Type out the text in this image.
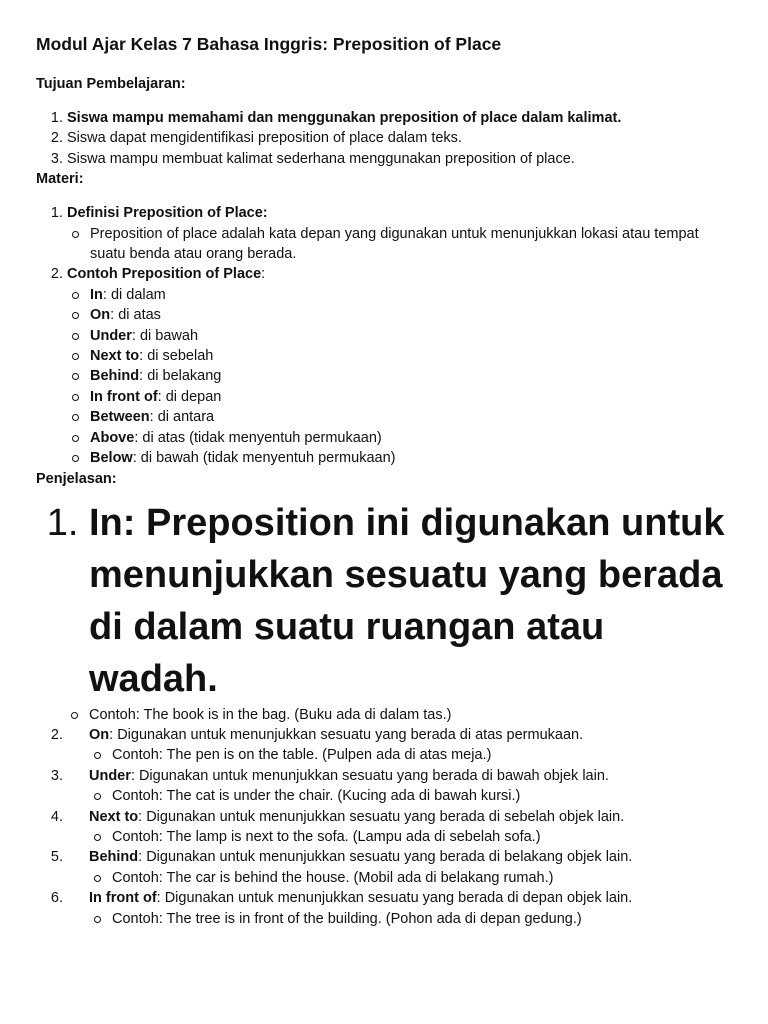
Modul Ajar Kelas 7 Bahasa Inggris: Preposition of Place
Tujuan Pembelajaran:
1. Siswa mampu memahami dan menggunakan preposition of place dalam kalimat.
2. Siswa dapat mengidentifikasi preposition of place dalam teks.
3. Siswa mampu membuat kalimat sederhana menggunakan preposition of place.
Materi:
1. Definisi Preposition of Place:
Preposition of place adalah kata depan yang digunakan untuk menunjukkan lokasi atau tempat suatu benda atau orang berada.
2. Contoh Preposition of Place:
In: di dalam
On: di atas
Under: di bawah
Next to: di sebelah
Behind: di belakang
In front of: di depan
Between: di antara
Above: di atas (tidak menyentuh permukaan)
Below: di bawah (tidak menyentuh permukaan)
Penjelasan:
1. In: Preposition ini digunakan untuk menunjukkan sesuatu yang berada di dalam suatu ruangan atau wadah.
Contoh: The book is in the bag. (Buku ada di dalam tas.)
2. On: Digunakan untuk menunjukkan sesuatu yang berada di atas permukaan.
Contoh: The pen is on the table. (Pulpen ada di atas meja.)
3. Under: Digunakan untuk menunjukkan sesuatu yang berada di bawah objek lain.
Contoh: The cat is under the chair. (Kucing ada di bawah kursi.)
4. Next to: Digunakan untuk menunjukkan sesuatu yang berada di sebelah objek lain.
Contoh: The lamp is next to the sofa. (Lampu ada di sebelah sofa.)
5. Behind: Digunakan untuk menunjukkan sesuatu yang berada di belakang objek lain.
Contoh: The car is behind the house. (Mobil ada di belakang rumah.)
6. In front of: Digunakan untuk menunjukkan sesuatu yang berada di depan objek lain.
Contoh: The tree is in front of the building. (Pohon ada di depan gedung.)
